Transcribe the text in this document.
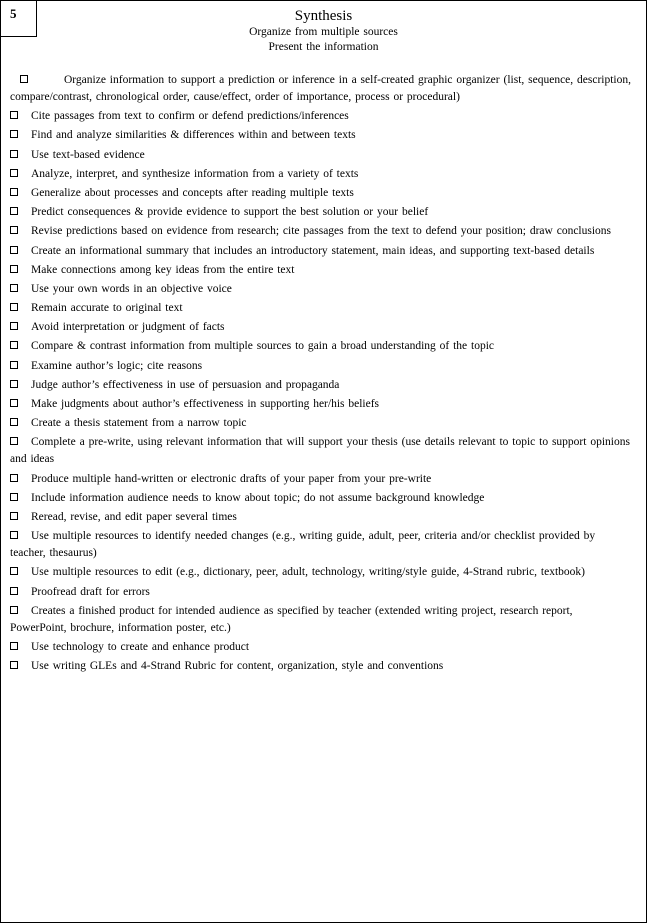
5	Synthesis
Organize from multiple sources
Present the information
Organize information to support a prediction or inference in a self-created graphic organizer (list, sequence, description, compare/contrast, chronological order, cause/effect, order of importance, process or procedural)
Cite passages from text to confirm or defend predictions/inferences
Find and analyze similarities & differences within and between texts
Use text-based evidence
Analyze, interpret, and synthesize information from a variety of texts
Generalize about processes and concepts after reading multiple texts
Predict consequences & provide evidence to support the best solution or your belief
Revise predictions based on evidence from research; cite passages from the text to defend your position; draw conclusions
Create an informational summary that includes an introductory statement, main ideas, and supporting text-based details
Make connections among key ideas from the entire text
Use your own words in an objective voice
Remain accurate to original text
Avoid interpretation or judgment of facts
Compare & contrast information from multiple sources to gain a broad understanding of the topic
Examine author’s logic; cite reasons
Judge author’s effectiveness in use of persuasion and propaganda
Make judgments about author’s effectiveness in supporting her/his beliefs
Create a thesis statement from a narrow topic
Complete a pre-write, using relevant information that will support your thesis (use details relevant to topic to support opinions and ideas
Produce multiple hand-written or electronic drafts of your paper from your pre-write
Include information audience needs to know about topic; do not assume background knowledge
Reread, revise, and edit paper several times
Use multiple resources to identify needed changes (e.g., writing guide, adult, peer, criteria and/or checklist provided by teacher, thesaurus)
Use multiple resources to edit (e.g., dictionary, peer, adult, technology, writing/style guide, 4-Strand rubric, textbook)
Proofread draft for errors
Creates a finished product for intended audience as specified by teacher (extended writing project, research report, PowerPoint, brochure, information poster, etc.)
Use technology to create and enhance product
Use writing GLEs and 4-Strand Rubric for content, organization, style and conventions
